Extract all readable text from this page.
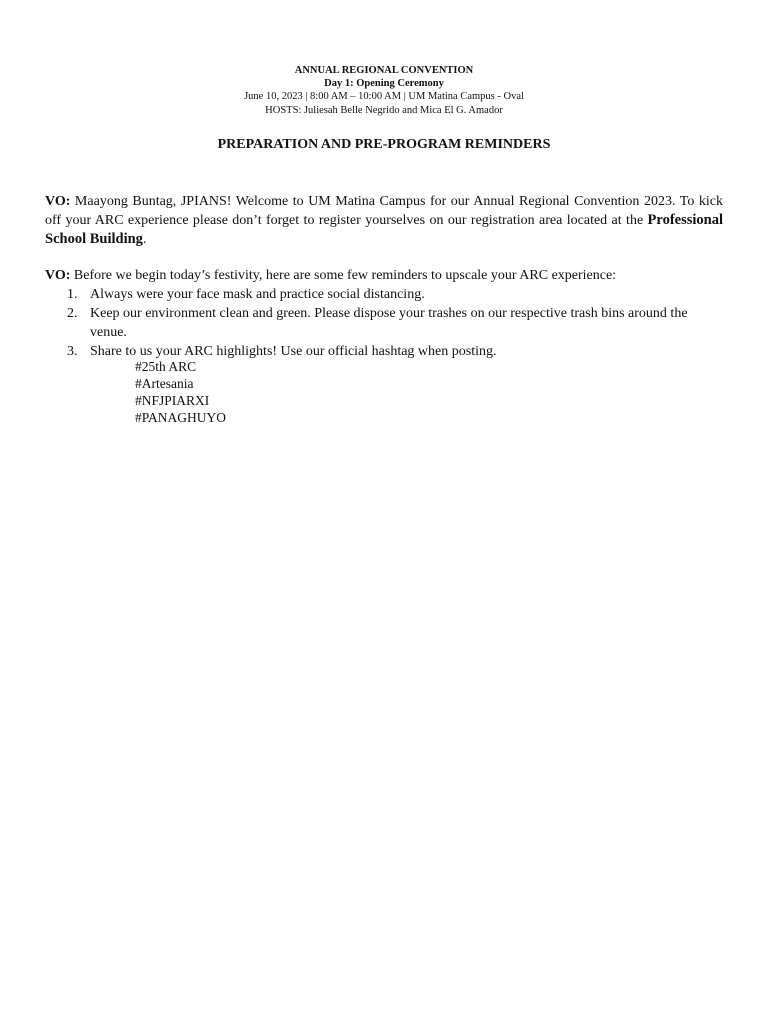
ANNUAL REGIONAL CONVENTION
Day 1: Opening Ceremony
June 10, 2023 | 8:00 AM – 10:00 AM | UM Matina Campus - Oval
HOSTS: Juliesah Belle Negrido and Mica El G. Amador
PREPARATION AND PRE-PROGRAM REMINDERS
VO: Maayong Buntag, JPIANS! Welcome to UM Matina Campus for our Annual Regional Convention 2023. To kick off your ARC experience please don’t forget to register yourselves on our registration area located at the Professional School Building.
VO: Before we begin today’s festivity, here are some few reminders to upscale your ARC experience:
1. Always were your face mask and practice social distancing.
2. Keep our environment clean and green. Please dispose your trashes on our respective trash bins around the venue.
3. Share to us your ARC highlights! Use our official hashtag when posting.
#25th ARC
#Artesania
#NFJPIARXI
#PANAGHUYO
